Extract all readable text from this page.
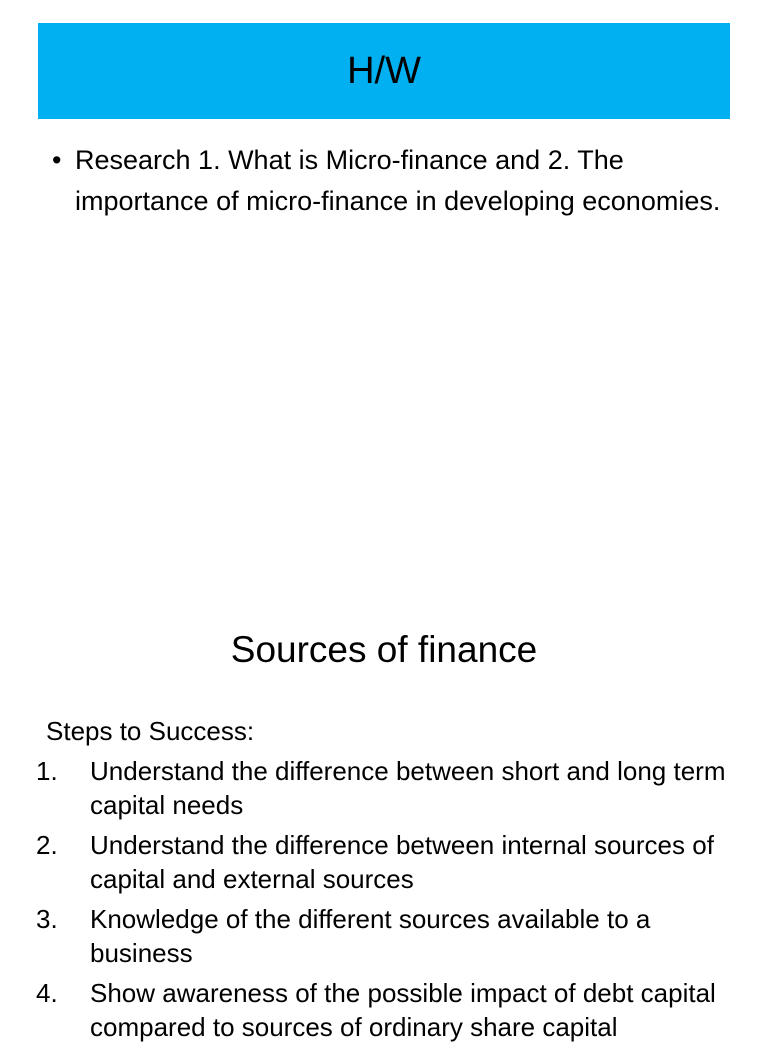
H/W
• Research 1. What is Micro-finance and 2. The importance of micro-finance in developing economies.
Sources of finance
Steps to Success:
1.	Understand the difference between short and long term capital needs
2.	Understand the difference between internal sources of capital and external sources
3.	Knowledge of the different sources available to a business
4.	Show awareness of the possible impact of debt capital compared to sources of ordinary share capital
